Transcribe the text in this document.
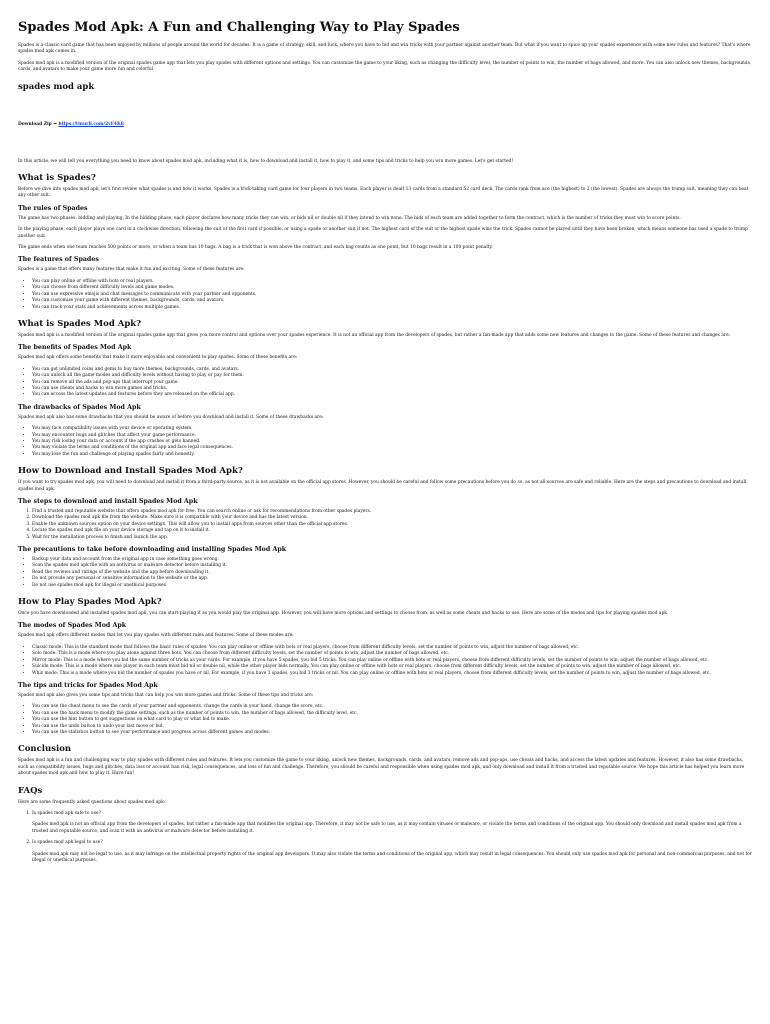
Spades Mod Apk: A Fun and Challenging Way to Play Spades

Spades is a classic card game that has been enjoyed by millions of people around the world for decades. It is a game of strategy, skill, and luck, where you have to bid and win tricks with your partner against another team. But what if you want to spice up your spades experience with some new rules and features? That's where spades mod apk comes in.

Spades mod apk is a modified version of the original spades game app that lets you play spades with different options and settings. You can customize the game to your liking, such as changing the difficulty level, the number of points to win, the number of bags allowed, and more. You can also unlock new themes, backgrounds, cards, and avatars to make your game more fun and colorful.

spades mod apk
Download Zip ⇒ https://tinurli.com/2vF4K8

In this article, we will tell you everything you need to know about spades mod apk, including what it is, how to download and install it, how to play it, and some tips and tricks to help you win more games. Let's get started!

What is Spades?

Before we dive into spades mod apk, let's first review what spades is and how it works. Spades is a trick-taking card game for four players in two teams. Each player is dealt 13 cards from a standard 52 card deck. The cards rank from ace (the highest) to 2 (the lowest). Spades are always the trump suit, meaning they can beat any other suit.

The rules of Spades

The game has two phases: bidding and playing. In the bidding phase, each player declares how many tricks they can win, or bids nil or double nil if they intend to win none. The bids of each team are added together to form the contract, which is the number of tricks they must win to score points.

In the playing phase, each player plays one card in a clockwise direction, following the suit of the first card if possible, or using a spade or another suit if not. The highest card of the suit or the highest spade wins the trick. Spades cannot be played until they have been broken, which means someone has used a spade to trump another suit.

The game ends when one team reaches 500 points or more, or when a team has 10 bags. A bag is a trick that is won above the contract, and each bag counts as one point, but 10 bags result in a 100 point penalty.

The features of Spades

Spades is a game that offers many features that make it fun and exciting. Some of these features are:

• You can play online or offline with bots or real players.
• You can choose from different difficulty levels and game modes.
• You can use expressive emojis and chat messages to communicate with your partner and opponents.
• You can customize your game with different themes, backgrounds, cards, and avatars.
• You can track your stats and achievements across multiple games.
What is Spades Mod Apk?

Spades mod apk is a modified version of the original spades game app that gives you more control and options over your spades experience. It is not an official app from the developers of spades, but rather a fan-made app that adds some new features and changes to the game. Some of these features and changes are:

The benefits of Spades Mod Apk

Spades mod apk offers some benefits that make it more enjoyable and convenient to play spades. Some of these benefits are:

• You can get unlimited coins and gems to buy more themes, backgrounds, cards, and avatars.
• You can unlock all the game modes and difficulty levels without having to play or pay for them.
• You can remove all the ads and pop-ups that interrupt your game.
• You can use cheats and hacks to win more games and tricks.
• You can access the latest updates and features before they are released on the official app.
The drawbacks of Spades Mod Apk

Spades mod apk also has some drawbacks that you should be aware of before you download and install it. Some of these drawbacks are:

• You may face compatibility issues with your device or operating system.
• You may encounter bugs and glitches that affect your game performance.
• You may risk losing your data or account if the app crashes or gets banned.
• You may violate the terms and conditions of the original app and face legal consequences.
• You may lose the fun and challenge of playing spades fairly and honestly.
How to Download and Install Spades Mod Apk?

If you want to try spades mod apk, you will need to download and install it from a third-party source, as it is not available on the official app stores. However, you should be careful and follow some precautions before you do so, as not all sources are safe and reliable. Here are the steps and precautions to download and install spades mod apk.

The steps to download and install Spades Mod Apk
1. Find a trusted and reputable website that offers spades mod apk for free. You can search online or ask for recommendations from other spades players.
2. Download the spades mod apk file from the website. Make sure it is compatible with your device and has the latest version.
3. Enable the unknown sources option on your device settings. This will allow you to install apps from sources other than the official app stores.
4. Locate the spades mod apk file on your device storage and tap on it to install it.
5. Wait for the installation process to finish and launch the app.
The precautions to take before downloading and installing Spades Mod Apk
• Backup your data and account from the original app in case something goes wrong.
• Scan the spades mod apk file with an antivirus or malware detector before installing it.
• Read the reviews and ratings of the website and the app before downloading it.
• Do not provide any personal or sensitive information to the website or the app.
• Do not use spades mod apk for illegal or unethical purposes.
How to Play Spades Mod Apk?

Once you have downloaded and installed spades mod apk, you can start playing it as you would play the original app. However, you will have more options and settings to choose from, as well as some cheats and hacks to use. Here are some of the modes and tips for playing spades mod apk.

The modes of Spades Mod Apk

Spades mod apk offers different modes that let you play spades with different rules and features. Some of these modes are:

• Classic mode: This is the standard mode that follows the basic rules of spades. You can play online or offline with bots or real players, choose from different difficulty levels, set the number of points to win, adjust the number of bags allowed, etc.
• Solo mode: This is a mode where you play alone against three bots. You can choose from different difficulty levels, set the number of points to win, adjust the number of bags allowed, etc.
• Mirror mode: This is a mode where you bid the same number of tricks as your cards. For example, if you have 5 spades, you bid 5 tricks. You can play online or offline with bots or real players, choose from different difficulty levels, set the number of points to win, adjust the number of bags allowed, etc.
• Suicide mode: This is a mode where one player in each team must bid nil or double nil, while the other player bids normally. You can play online or offline with bots or real players, choose from different difficulty levels, set the number of points to win, adjust the number of bags allowed, etc.
• Whiz mode: This is a mode where you bid the number of spades you have or nil. For example, if you have 3 spades, you bid 3 tricks or nil. You can play online or offline with bots or real players, choose from different difficulty levels, set the number of points to win, adjust the number of bags allowed, etc.
The tips and tricks for Spades Mod Apk

Spades mod apk also gives you some tips and tricks that can help you win more games and tricks. Some of these tips and tricks are:

• You can use the cheat menu to see the cards of your partner and opponents, change the cards in your hand, change the score, etc.
• You can use the hack menu to modify the game settings, such as the number of points to win, the number of bags allowed, the difficulty level, etc.
• You can use the hint button to get suggestions on what card to play or what bid to make.
• You can use the undo button to undo your last move or bid.
• You can use the statistics button to see your performance and progress across different games and modes.
Conclusion

Spades mod apk is a fun and challenging way to play spades with different rules and features. It lets you customize the game to your liking, unlock new themes, backgrounds, cards, and avatars, remove ads and pop-ups, use cheats and hacks, and access the latest updates and features. However, it also has some drawbacks, such as compatibility issues, bugs and glitches, data loss or account ban risk, legal consequences, and loss of fun and challenge. Therefore, you should be careful and responsible when using spades mod apk, and only download and install it from a trusted and reputable source. We hope this article has helped you learn more about spades mod apk and how to play it. Have fun!

FAQs

Here are some frequently asked questions about spades mod apk:

1. Is spades mod apk safe to use?

Spades mod apk is not an official app from the developers of spades, but rather a fan-made app that modifies the original app. Therefore, it may not be safe to use, as it may contain viruses or malware, or violate the terms and conditions of the original app. You should only download and install spades mod apk from a trusted and reputable source, and scan it with an antivirus or malware detector before installing it.

2. Is spades mod apk legal to use?

Spades mod apk may not be legal to use, as it may infringe on the intellectual property rights of the original app developers. It may also violate the terms and conditions of the original app, which may result in legal consequences. You should only use spades mod apk for personal and non-commercial purposes, and not for illegal or unethical purposes.
